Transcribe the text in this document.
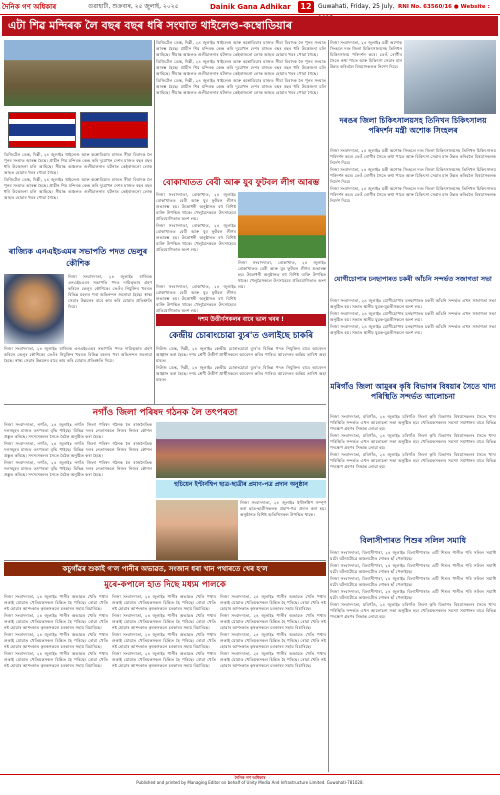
দৈনিক গণ অধিকাৰ	গুৱাহাটী, শুক্ৰবাৰ, ২৫ জুলাই, ২০২৫	Dainik Gana Adhikar	12	Guwahati, Friday, 25 July, RNI No. 63560/16 ● Website :
এটা শিৱ মন্দিৰক লৈ বছৰ বছৰ ধৰি সংঘাত থাইলেণ্ড-কম্বোডিয়াৰ

ডিজিটেল ডেস্ক, দিল্লী, ২৪ জুলাইঃ থাইলেণ্ড আৰু কম্বোডিয়াৰ মাজত সীমা বিবাদক লৈ পুনৰ সংঘাত আৰম্ভ হৈছে। প্ৰাচীন শিৱ মন্দিৰক কেন্দ্ৰ কৰি দুয়োখন দেশৰ মাজত বছৰ বছৰ ধৰি উত্তেজনা চলি আহিছে। সীমান্ত অঞ্চলত গুলীচালনাৰ ঘটনাত কেইবাজনো লোক আহত হোৱাৰ খবৰ পোৱা গৈছে।

ডিজিটেল ডেস্ক, দিল্লী, ২৪ জুলাইঃ থাইলেণ্ড আৰু কম্বোডিয়াৰ মাজত সীমা বিবাদক লৈ পুনৰ সংঘাত আৰম্ভ হৈছে। প্ৰাচীন শিৱ মন্দিৰক কেন্দ্ৰ কৰি দুয়োখন দেশৰ মাজত বছৰ বছৰ ধৰি উত্তেজনা চলি আহিছে। সীমান্ত অঞ্চলত গুলীচালনাৰ ঘটনাত কেইবাজনো লোক আহত হোৱাৰ খবৰ পোৱা গৈছে।

ডিজিটেল ডেস্ক, দিল্লী, ২৪ জুলাইঃ থাইলেণ্ড আৰু কম্বোডিয়াৰ মাজত সীমা বিবাদক লৈ পুনৰ সংঘাত আৰম্ভ হৈছে। প্ৰাচীন শিৱ মন্দিৰক কেন্দ্ৰ কৰি দুয়োখন দেশৰ মাজত বছৰ বছৰ ধৰি উত্তেজনা চলি আহিছে। সীমান্ত অঞ্চলত গুলীচালনাৰ ঘটনাত কেইবাজনো লোক আহত হোৱাৰ খবৰ পোৱা গৈছে।

ডিজিটেল ডেস্ক, দিল্লী, ২৪ জুলাইঃ থাইলেণ্ড আৰু কম্বোডিয়াৰ মাজত সীমা বিবাদক লৈ পুনৰ সংঘাত আৰম্ভ হৈছে। প্ৰাচীন শিৱ মন্দিৰক কেন্দ্ৰ কৰি দুয়োখন দেশৰ মাজত বছৰ বছৰ ধৰি উত্তেজনা চলি আহিছে। সীমান্ত অঞ্চলত গুলীচালনাৰ ঘটনাত কেইবাজনো লোক আহত হোৱাৰ খবৰ পোৱা গৈছে।

ডিজিটেল ডেস্ক, দিল্লী, ২৪ জুলাইঃ থাইলেণ্ড আৰু কম্বোডিয়াৰ মাজত সীমা বিবাদক লৈ পুনৰ সংঘাত আৰম্ভ হৈছে। প্ৰাচীন শিৱ মন্দিৰক কেন্দ্ৰ কৰি দুয়োখন দেশৰ মাজত বছৰ বছৰ ধৰি উত্তেজনা চলি আহিছে। সীমান্ত অঞ্চলত গুলীচালনাৰ ঘটনাত কেইবাজনো লোক আহত হোৱাৰ খবৰ পোৱা গৈছে।

নিজা সংবাদদাতা, ২৪ জুলাইঃ মন্ত্ৰী অশোক সিংহলে দৰং জিলা চিকিৎসালয়সহ তিনিখন চিকিৎসালয় পৰিদৰ্শন কৰে। তেওঁ ৰোগীৰ সৈতে কথা পাতে আৰু চিকিৎসা সেৱাৰ মান উন্নত কৰিবলৈ বিষয়াসকলক নিৰ্দেশ দিয়ে।

দৰঙৰ জিলা চিকিৎসালয়সহ তিনিখন চিকিৎসালয় পৰিদৰ্শন মন্ত্ৰী অশোক সিংহলৰ

নিজা সংবাদদাতা, ২৪ জুলাইঃ মন্ত্ৰী অশোক সিংহলে দৰং জিলা চিকিৎসালয়সহ তিনিখন চিকিৎসালয় পৰিদৰ্শন কৰে। তেওঁ ৰোগীৰ সৈতে কথা পাতে আৰু চিকিৎসা সেৱাৰ মান উন্নত কৰিবলৈ বিষয়াসকলক নিৰ্দেশ দিয়ে।

নিজা সংবাদদাতা, ২৪ জুলাইঃ মন্ত্ৰী অশোক সিংহলে দৰং জিলা চিকিৎসালয়সহ তিনিখন চিকিৎসালয় পৰিদৰ্শন কৰে। তেওঁ ৰোগীৰ সৈতে কথা পাতে আৰু চিকিৎসা সেৱাৰ মান উন্নত কৰিবলৈ বিষয়াসকলক নিৰ্দেশ দিয়ে।

নিজা সংবাদদাতা, ২৪ জুলাইঃ মন্ত্ৰী অশোক সিংহলে দৰং জিলা চিকিৎসালয়সহ তিনিখন চিকিৎসালয় পৰিদৰ্শন কৰে। তেওঁ ৰোগীৰ সৈতে কথা পাতে আৰু চিকিৎসা সেৱাৰ মান উন্নত কৰিবলৈ বিষয়াসকলক নিৰ্দেশ দিয়ে।

ৰাজ্যিক এনএইচএমৰ সভাপতি পদত ভেলুৰ কৌশিক

নিজা সংবাদদাতা, ২৪ জুলাইঃ ৰাজ্যিক এনএইচএমৰ সভাপতি পদত দায়িত্বভাৰ গ্ৰহণ কৰিলে ভেলুৰ কৌশিকে। তেওঁৰ নিযুক্তিৰ খবৰত বিভিন্ন মহলৰ পৰা অভিনন্দন জনোৱা হৈছে। স্বাস্থ্য সেৱাৰ উন্নয়নৰ বাবে কাম কৰি যোৱাৰ প্ৰতিশ্ৰুতি দিয়ে।

নিজা সংবাদদাতা, ২৪ জুলাইঃ ৰাজ্যিক এনএইচএমৰ সভাপতি পদত দায়িত্বভাৰ গ্ৰহণ কৰিলে ভেলুৰ কৌশিকে। তেওঁৰ নিযুক্তিৰ খবৰত বিভিন্ন মহলৰ পৰা অভিনন্দন জনোৱা হৈছে। স্বাস্থ্য সেৱাৰ উন্নয়নৰ বাবে কাম কৰি যোৱাৰ প্ৰতিশ্ৰুতি দিয়ে।

বোকাখাতত বেবী আৰু যুব ফুটবল লীগ আৰম্ভ

নিজা সংবাদদাতা, বোকাখাত, ২৪ জুলাইঃ বোকাখাতত বেবী আৰু যুব ফুটবল লীগৰ শুভাৰম্ভ হয়। উদ্বোধনী অনুষ্ঠানত বহু বিশিষ্ট ব্যক্তি উপস্থিত থাকে। খেলুৱৈসকলে উৎসাহেৰে প্ৰতিযোগিতাত অংশ লয়।

নিজা সংবাদদাতা, বোকাখাত, ২৪ জুলাইঃ বোকাখাতত বেবী আৰু যুব ফুটবল লীগৰ শুভাৰম্ভ হয়। উদ্বোধনী অনুষ্ঠানত বহু বিশিষ্ট ব্যক্তি উপস্থিত থাকে। খেলুৱৈসকলে উৎসাহেৰে প্ৰতিযোগিতাত অংশ লয়।

নিজা সংবাদদাতা, বোকাখাত, ২৪ জুলাইঃ বোকাখাতত বেবী আৰু যুব ফুটবল লীগৰ শুভাৰম্ভ হয়। উদ্বোধনী অনুষ্ঠানত বহু বিশিষ্ট ব্যক্তি উপস্থিত থাকে। খেলুৱৈসকলে উৎসাহেৰে প্ৰতিযোগিতাত অংশ লয়।

নিজা সংবাদদাতা, বোকাখাত, ২৪ জুলাইঃ বোকাখাতত বেবী আৰু যুব ফুটবল লীগৰ শুভাৰম্ভ হয়। উদ্বোধনী অনুষ্ঠানত বহু বিশিষ্ট ব্যক্তি উপস্থিত থাকে। খেলুৱৈসকলে উৎসাহেৰে প্ৰতিযোগিতাত অংশ লয়।

যোগীচোপাৰ চনছাপাৰত চকৰী আঁচনি সন্দৰ্ভত সজাগতা সভা

নিজা সংবাদদাতা, ২৪ জুলাইঃ যোগীচোপাৰ চনছাপাৰত চকৰী আঁচনি সন্দৰ্ভত এখন সজাগতা সভা অনুষ্ঠিত হয়। সভাত স্থানীয় যুৱক-যুৱতীসকলে অংশ লয়।

নিজা সংবাদদাতা, ২৪ জুলাইঃ যোগীচোপাৰ চনছাপাৰত চকৰী আঁচনি সন্দৰ্ভত এখন সজাগতা সভা অনুষ্ঠিত হয়। সভাত স্থানীয় যুৱক-যুৱতীসকলে অংশ লয়।

নিজা সংবাদদাতা, ২৪ জুলাইঃ যোগীচোপাৰ চনছাপাৰত চকৰী আঁচনি সন্দৰ্ভত এখন সজাগতা সভা অনুষ্ঠিত হয়। সভাত স্থানীয় যুৱক-যুৱতীসকলে অংশ লয়।

দশম উত্তীৰ্ণসকলৰ বাবে ভাল খবৰ !
কেন্দ্ৰীয় চোৰাংচোৱা ব্যুৰ'ত ওলাইছে চাকৰি

নিউজ ডেস্ক, দিল্লী, ২৪ জুলাইঃ কেন্দ্ৰীয় চোৰাংচোৱা ব্যুৰ'ত বিভিন্ন পদত নিযুক্তিৰ বাবে আবেদন আহ্বান কৰা হৈছে। দশম শ্ৰেণী উত্তীৰ্ণ প্ৰাৰ্থীসকলে আবেদন কৰিব পাৰিব। আবেদনৰ অন্তিম তাৰিখ অহা মাহত।

নিউজ ডেস্ক, দিল্লী, ২৪ জুলাইঃ কেন্দ্ৰীয় চোৰাংচোৱা ব্যুৰ'ত বিভিন্ন পদত নিযুক্তিৰ বাবে আবেদন আহ্বান কৰা হৈছে। দশম শ্ৰেণী উত্তীৰ্ণ প্ৰাৰ্থীসকলে আবেদন কৰিব পাৰিব। আবেদনৰ অন্তিম তাৰিখ অহা মাহত।

মৰিগাঁও জিলা আমুৰৰ কৃষি বিভাগৰ বিষয়াৰ সৈতে খাদ্য পৰিস্থিতি সন্দৰ্ভত আলোচনা

নিজা সংবাদদাতা, মৰিগাঁও, ২৪ জুলাইঃ মৰিগাঁও জিলা কৃষি বিভাগৰ বিষয়াসকলৰ সৈতে খাদ্য পৰিস্থিতি সন্দৰ্ভত এখন আলোচনা সভা অনুষ্ঠিত হয়। খেতিয়কসকলৰ সমস্যা সমাধানৰ বাবে বিভিন্ন পদক্ষেপ গ্ৰহণৰ সিদ্ধান্ত লোৱা হয়।

নিজা সংবাদদাতা, মৰিগাঁও, ২৪ জুলাইঃ মৰিগাঁও জিলা কৃষি বিভাগৰ বিষয়াসকলৰ সৈতে খাদ্য পৰিস্থিতি সন্দৰ্ভত এখন আলোচনা সভা অনুষ্ঠিত হয়। খেতিয়কসকলৰ সমস্যা সমাধানৰ বাবে বিভিন্ন পদক্ষেপ গ্ৰহণৰ সিদ্ধান্ত লোৱা হয়।

নিজা সংবাদদাতা, মৰিগাঁও, ২৪ জুলাইঃ মৰিগাঁও জিলা কৃষি বিভাগৰ বিষয়াসকলৰ সৈতে খাদ্য পৰিস্থিতি সন্দৰ্ভত এখন আলোচনা সভা অনুষ্ঠিত হয়। খেতিয়কসকলৰ সমস্যা সমাধানৰ বাবে বিভিন্ন পদক্ষেপ গ্ৰহণৰ সিদ্ধান্ত লোৱা হয়।

নগাঁও জিলা পৰিষদ গঠনক লৈ তৎপৰতা

নিজা সংবাদদাতা, নগাঁও, ২৪ জুলাইঃ নগাঁও জিলা পৰিষদ গঠনক লৈ ৰাজনৈতিক দলসমূহৰ মাজত তৎপৰতা বৃদ্ধি পাইছে। বিভিন্ন দলৰ নেতাসকলে নিজৰ নিজৰ কৌশল প্ৰস্তুত কৰিছে। সদস্যসকলৰ সৈতে বৈঠক অনুষ্ঠিত কৰা হৈছে।

নিজা সংবাদদাতা, নগাঁও, ২৪ জুলাইঃ নগাঁও জিলা পৰিষদ গঠনক লৈ ৰাজনৈতিক দলসমূহৰ মাজত তৎপৰতা বৃদ্ধি পাইছে। বিভিন্ন দলৰ নেতাসকলে নিজৰ নিজৰ কৌশল প্ৰস্তুত কৰিছে। সদস্যসকলৰ সৈতে বৈঠক অনুষ্ঠিত কৰা হৈছে।

নিজা সংবাদদাতা, নগাঁও, ২৪ জুলাইঃ নগাঁও জিলা পৰিষদ গঠনক লৈ ৰাজনৈতিক দলসমূহৰ মাজত তৎপৰতা বৃদ্ধি পাইছে। বিভিন্ন দলৰ নেতাসকলে নিজৰ নিজৰ কৌশল প্ৰস্তুত কৰিছে। সদস্যসকলৰ সৈতে বৈঠক অনুষ্ঠিত কৰা হৈছে।

হুচিয়েন ইণ্টাৰ্নশ্বিপ ছাত্ৰ-ছাত্ৰীৰ প্ৰমাণ-পত্ৰ প্ৰদান অনুষ্ঠান

নিজা সংবাদদাতা, ২৪ জুলাইঃ ইণ্টাৰ্নশ্বিপ সম্পূৰ্ণ কৰা ছাত্ৰ-ছাত্ৰীসকলক প্ৰমাণ-পত্ৰ প্ৰদান কৰা হয়। অনুষ্ঠানত বিশিষ্ট অতিথিসকল উপস্থিত থাকে।

বিলাসীপাৰত শিশুৰ সলিল সমাধি

নিজা সংবাদদাতা, বিলাসীপাৰা, ২৪ জুলাইঃ বিলাসীপাৰাত এটি শিশুৰ পানীত পৰি সলিল সমাধি ঘটে। ঘটনাটোৱে অঞ্চলটোত শোকৰ ছাঁ পেলাইছে।

নিজা সংবাদদাতা, বিলাসীপাৰা, ২৪ জুলাইঃ বিলাসীপাৰাত এটি শিশুৰ পানীত পৰি সলিল সমাধি ঘটে। ঘটনাটোৱে অঞ্চলটোত শোকৰ ছাঁ পেলাইছে।

নিজা সংবাদদাতা, বিলাসীপাৰা, ২৪ জুলাইঃ বিলাসীপাৰাত এটি শিশুৰ পানীত পৰি সলিল সমাধি ঘটে। ঘটনাটোৱে অঞ্চলটোত শোকৰ ছাঁ পেলাইছে।

নিজা সংবাদদাতা, বিলাসীপাৰা, ২৪ জুলাইঃ বিলাসীপাৰাত এটি শিশুৰ পানীত পৰি সলিল সমাধি ঘটে। ঘটনাটোৱে অঞ্চলটোত শোকৰ ছাঁ পেলাইছে।

নিজা সংবাদদাতা, মৰিগাঁও, ২৪ জুলাইঃ মৰিগাঁও জিলা কৃষি বিভাগৰ বিষয়াসকলৰ সৈতে খাদ্য পৰিস্থিতি সন্দৰ্ভত এখন আলোচনা সভা অনুষ্ঠিত হয়। খেতিয়কসকলৰ সমস্যা সমাধানৰ বাবে বিভিন্ন পদক্ষেপ গ্ৰহণৰ সিদ্ধান্ত লোৱা হয়।

কচুগাঁৱৰ শুকাই গ'ল পানীৰ অভাৱত, সংজান ধৰা খান পথাৰতে খেৰ হ'ল
মুৰে-কপালে হাত দিছে মধ্যম পালকে

নিজা সংবাদদাতা, ২৪ জুলাইঃ পানীৰ অভাৱত খেতি পথাৰ শুকাই যোৱাত খেতিয়কসকল চিন্তিত হৈ পৰিছে। ৰোৱা খেতি নষ্ট হোৱাৰ আশংকাত কৃষকসকলে চৰকাৰৰ সহায় বিচাৰিছে।

নিজা সংবাদদাতা, ২৪ জুলাইঃ পানীৰ অভাৱত খেতি পথাৰ শুকাই যোৱাত খেতিয়কসকল চিন্তিত হৈ পৰিছে। ৰোৱা খেতি নষ্ট হোৱাৰ আশংকাত কৃষকসকলে চৰকাৰৰ সহায় বিচাৰিছে।

নিজা সংবাদদাতা, ২৪ জুলাইঃ পানীৰ অভাৱত খেতি পথাৰ শুকাই যোৱাত খেতিয়কসকল চিন্তিত হৈ পৰিছে। ৰোৱা খেতি নষ্ট হোৱাৰ আশংকাত কৃষকসকলে চৰকাৰৰ সহায় বিচাৰিছে।

নিজা সংবাদদাতা, ২৪ জুলাইঃ পানীৰ অভাৱত খেতি পথাৰ শুকাই যোৱাত খেতিয়কসকল চিন্তিত হৈ পৰিছে। ৰোৱা খেতি নষ্ট হোৱাৰ আশংকাত কৃষকসকলে চৰকাৰৰ সহায় বিচাৰিছে।

নিজা সংবাদদাতা, ২৪ জুলাইঃ পানীৰ অভাৱত খেতি পথাৰ শুকাই যোৱাত খেতিয়কসকল চিন্তিত হৈ পৰিছে। ৰোৱা খেতি নষ্ট হোৱাৰ আশংকাত কৃষকসকলে চৰকাৰৰ সহায় বিচাৰিছে।

নিজা সংবাদদাতা, ২৪ জুলাইঃ পানীৰ অভাৱত খেতি পথাৰ শুকাই যোৱাত খেতিয়কসকল চিন্তিত হৈ পৰিছে। ৰোৱা খেতি নষ্ট হোৱাৰ আশংকাত কৃষকসকলে চৰকাৰৰ সহায় বিচাৰিছে।

নিজা সংবাদদাতা, ২৪ জুলাইঃ পানীৰ অভাৱত খেতি পথাৰ শুকাই যোৱাত খেতিয়কসকল চিন্তিত হৈ পৰিছে। ৰোৱা খেতি নষ্ট হোৱাৰ আশংকাত কৃষকসকলে চৰকাৰৰ সহায় বিচাৰিছে।

নিজা সংবাদদাতা, ২৪ জুলাইঃ পানীৰ অভাৱত খেতি পথাৰ শুকাই যোৱাত খেতিয়কসকল চিন্তিত হৈ পৰিছে। ৰোৱা খেতি নষ্ট হোৱাৰ আশংকাত কৃষকসকলে চৰকাৰৰ সহায় বিচাৰিছে।

নিজা সংবাদদাতা, ২৪ জুলাইঃ পানীৰ অভাৱত খেতি পথাৰ শুকাই যোৱাত খেতিয়কসকল চিন্তিত হৈ পৰিছে। ৰোৱা খেতি নষ্ট হোৱাৰ আশংকাত কৃষকসকলে চৰকাৰৰ সহায় বিচাৰিছে।

নিজা সংবাদদাতা, ২৪ জুলাইঃ পানীৰ অভাৱত খেতি পথাৰ শুকাই যোৱাত খেতিয়কসকল চিন্তিত হৈ পৰিছে। ৰোৱা খেতি নষ্ট হোৱাৰ আশংকাত কৃষকসকলে চৰকাৰৰ সহায় বিচাৰিছে।

নিজা সংবাদদাতা, ২৪ জুলাইঃ পানীৰ অভাৱত খেতি পথাৰ শুকাই যোৱাত খেতিয়কসকল চিন্তিত হৈ পৰিছে। ৰোৱা খেতি নষ্ট হোৱাৰ আশংকাত কৃষকসকলে চৰকাৰৰ সহায় বিচাৰিছে।

নিজা সংবাদদাতা, ২৪ জুলাইঃ পানীৰ অভাৱত খেতি পথাৰ শুকাই যোৱাত খেতিয়কসকল চিন্তিত হৈ পৰিছে। ৰোৱা খেতি নষ্ট হোৱাৰ আশংকাত কৃষকসকলে চৰকাৰৰ সহায় বিচাৰিছে।

দৈনিক গণ অধিকাৰ
Published and printed by Managing Editor on behalf of Unity Media And Infrastructure Limited. Guwahati-781028.
